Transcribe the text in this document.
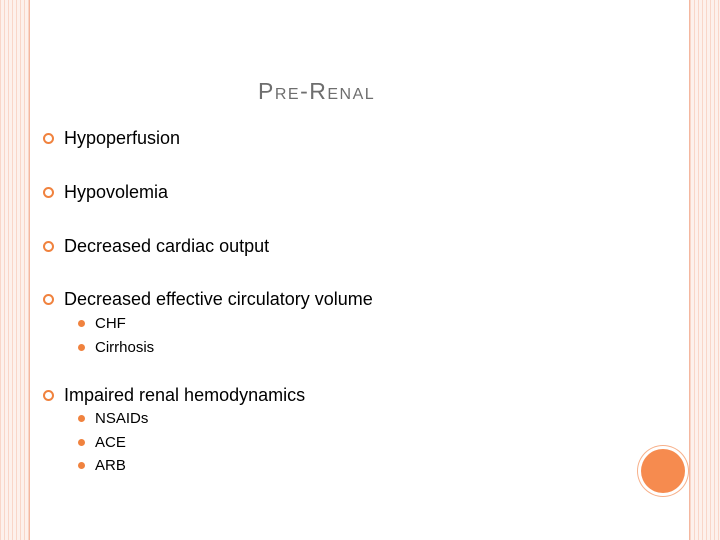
Pre-Renal
Hypoperfusion
Hypovolemia
Decreased cardiac output
Decreased effective circulatory volume
CHF
Cirrhosis
Impaired renal hemodynamics
NSAIDs
ACE
ARB
